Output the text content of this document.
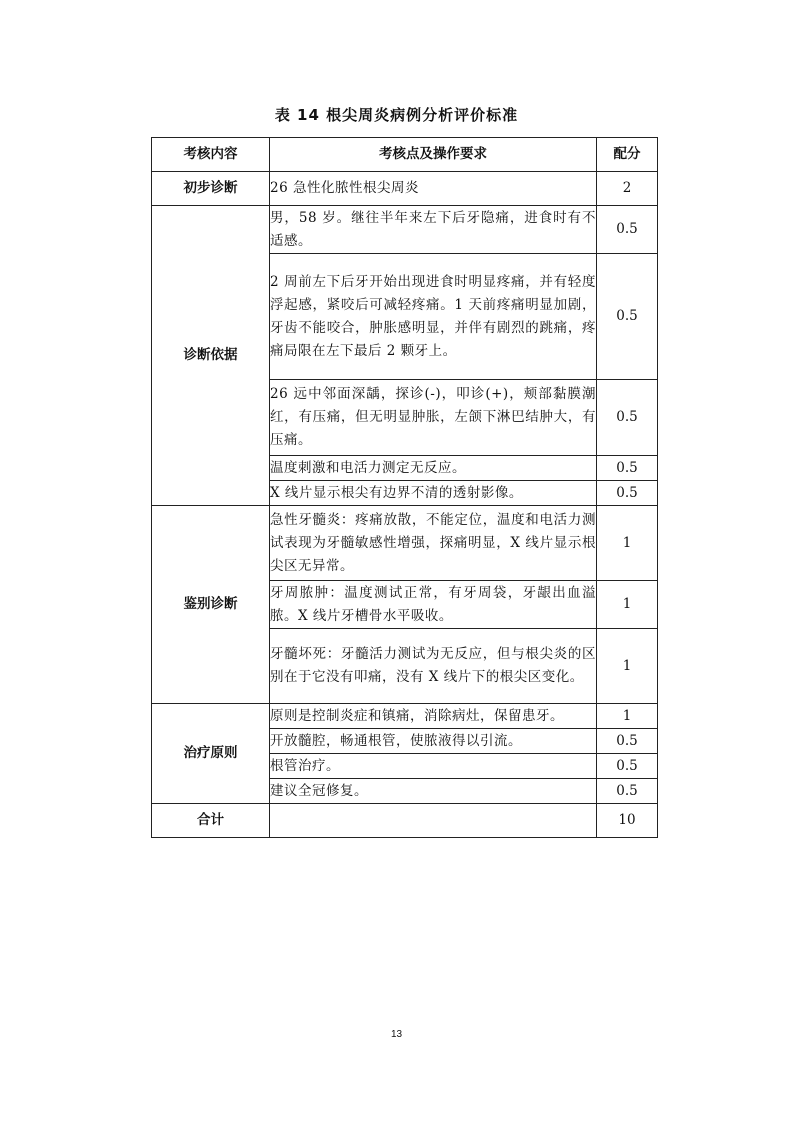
表 14 根尖周炎病例分析评价标准
考核内容	考核点及操作要求	配分
初步诊断	26 急性化脓性根尖周炎	2
诊断依据	男，58 岁。继往半年来左下后牙隐痛，进食时有不适感。	0.5
	2 周前左下后牙开始出现进食时明显疼痛，并有轻度浮起感，紧咬后可减轻疼痛。1 天前疼痛明显加剧，牙齿不能咬合，肿胀感明显，并伴有剧烈的跳痛，疼痛局限在左下最后 2 颗牙上。	0.5
	26 远中邻面深龋，探诊(-)，叩诊(+)，颊部黏膜潮红，有压痛，但无明显肿胀，左颌下淋巴结肿大，有压痛。	0.5
	温度刺激和电活力测定无反应。	0.5
	X 线片显示根尖有边界不清的透射影像。	0.5
鉴别诊断	急性牙髓炎：疼痛放散，不能定位，温度和电活力测试表现为牙髓敏感性增强，探痛明显，X 线片显示根尖区无异常。	1
	牙周脓肿：温度测试正常，有牙周袋，牙龈出血溢脓。X 线片牙槽骨水平吸收。	1
	牙髓坏死：牙髓活力测试为无反应，但与根尖炎的区别在于它没有叩痛，没有 X 线片下的根尖区变化。	1
治疗原则	原则是控制炎症和镇痛，消除病灶，保留患牙。	1
	开放髓腔，畅通根管，使脓液得以引流。	0.5
	根管治疗。	0.5
	建议全冠修复。	0.5
合计		10
13
